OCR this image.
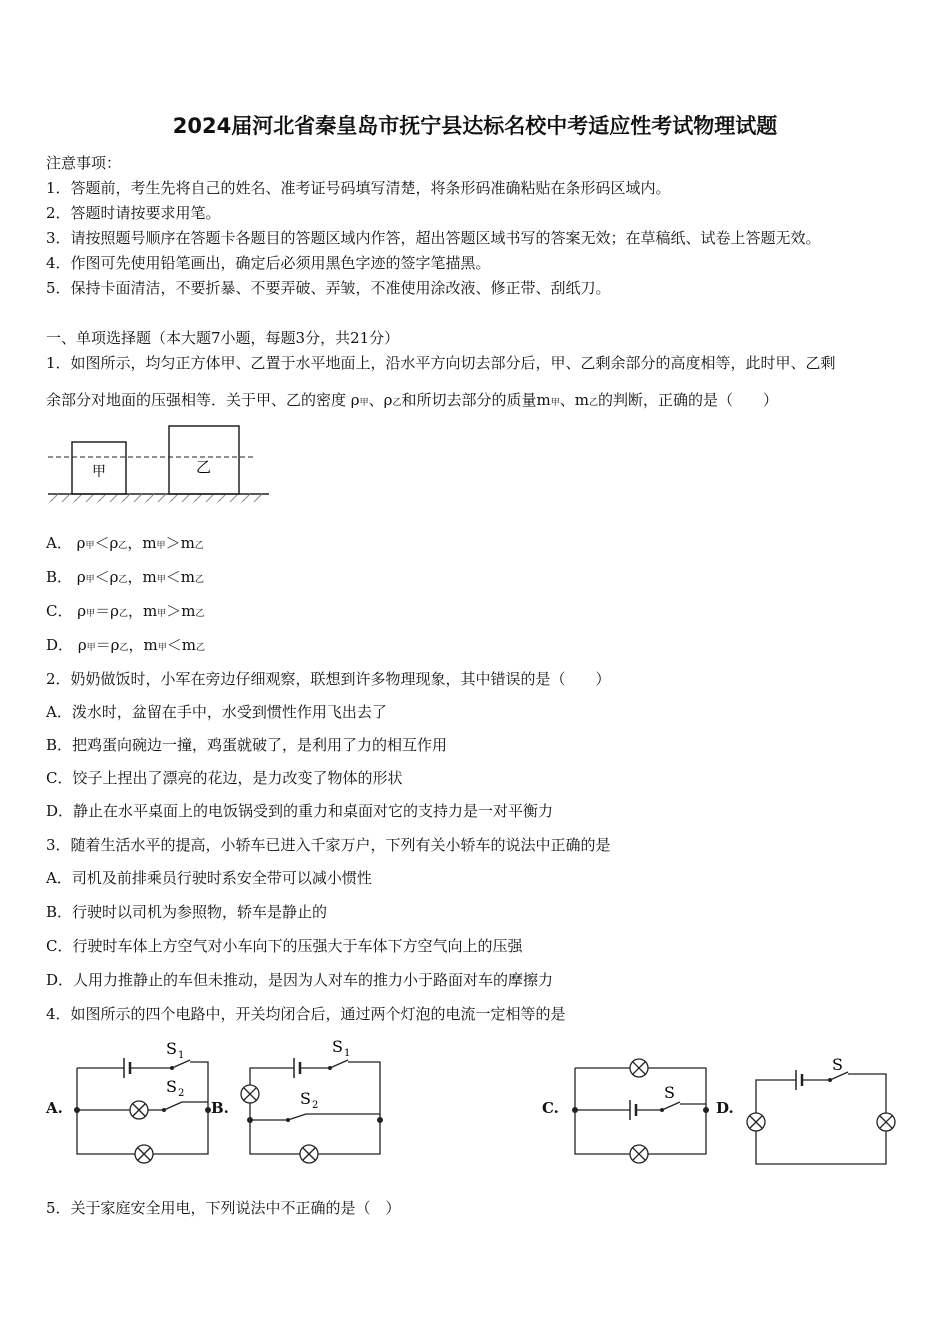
2024届河北省秦皇岛市抚宁县达标名校中考适应性考试物理试题
注意事项：
1．答题前，考生先将自己的姓名、准考证号码填写清楚，将条形码准确粘贴在条形码区域内。
2．答题时请按要求用笔。
3．请按照题号顺序在答题卡各题目的答题区域内作答，超出答题区域书写的答案无效；在草稿纸、试卷上答题无效。
4．作图可先使用铅笔画出，确定后必须用黑色字迹的签字笔描黑。
5．保持卡面清洁，不要折暴、不要弄破、弄皱，不准使用涂改液、修正带、刮纸刀。
一、单项选择题（本大题7小题，每题3分，共21分）
1．如图所示，均匀正方体甲、乙置于水平地面上，沿水平方向切去部分后，甲、乙剩余部分的高度相等，此时甲、乙剩
余部分对地面的压强相等．关于甲、乙的密度 ρ甲、ρ乙和所切去部分的质量m甲、m乙的判断，正确的是（　　）
甲	乙
A． ρ甲＜ρ乙，m甲＞m乙
B． ρ甲＜ρ乙，m甲＜m乙
C． ρ甲＝ρ乙，m甲＞m乙
D． ρ甲＝ρ乙，m甲＜m乙
2．奶奶做饭时，小军在旁边仔细观察，联想到许多物理现象，其中错误的是（　　）
A．泼水时，盆留在手中，水受到惯性作用飞出去了
B．把鸡蛋向碗边一撞，鸡蛋就破了，是利用了力的相互作用
C．饺子上捏出了漂亮的花边，是力改变了物体的形状
D．静止在水平桌面上的电饭锅受到的重力和桌面对它的支持力是一对平衡力
3．随着生活水平的提高，小轿车已进入千家万户，下列有关小轿车的说法中正确的是
A．司机及前排乘员行驶时系安全带可以减小惯性
B．行驶时以司机为参照物，轿车是静止的
C．行驶时车体上方空气对小车向下的压强大于车体下方空气向上的压强
D．人用力推静止的车但未推动，是因为人对车的推力小于路面对车的摩擦力
4．如图所示的四个电路中，开关均闭合后，通过两个灯泡的电流一定相等的是
A.	B.	C.	D.
S 1
S 2
S 1
S 2
S
S
5．关于家庭安全用电，下列说法中不正确的是（　）
